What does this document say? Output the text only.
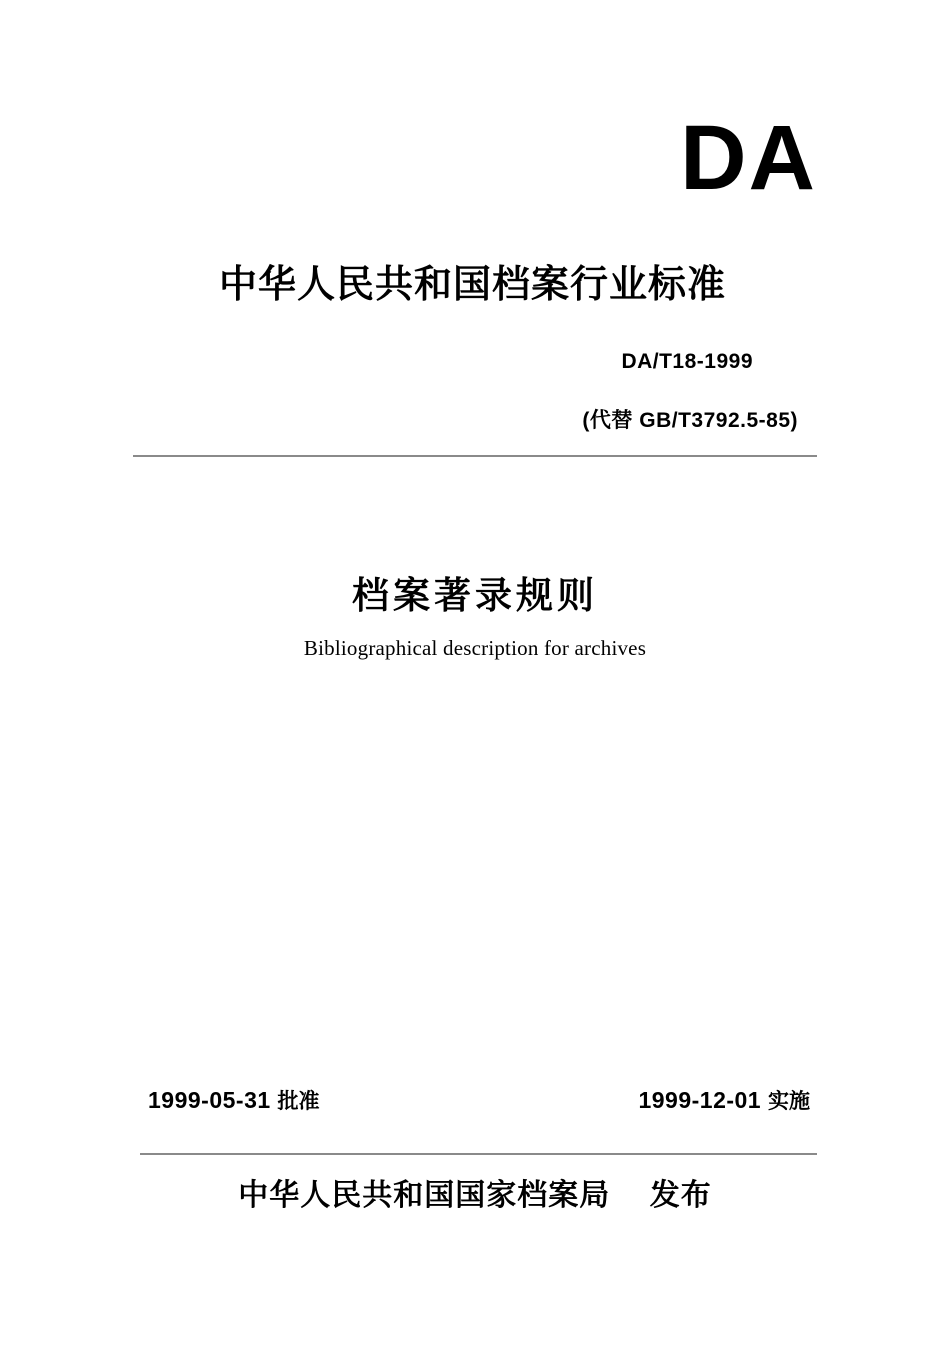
DA
中华人民共和国档案行业标准
DA/T18-1999
(代替 GB/T3792.5-85)
档案著录规则
Bibliographical description for archives
1999-05-31 批准	1999-12-01 实施
中华人民共和国国家档案局 发布
